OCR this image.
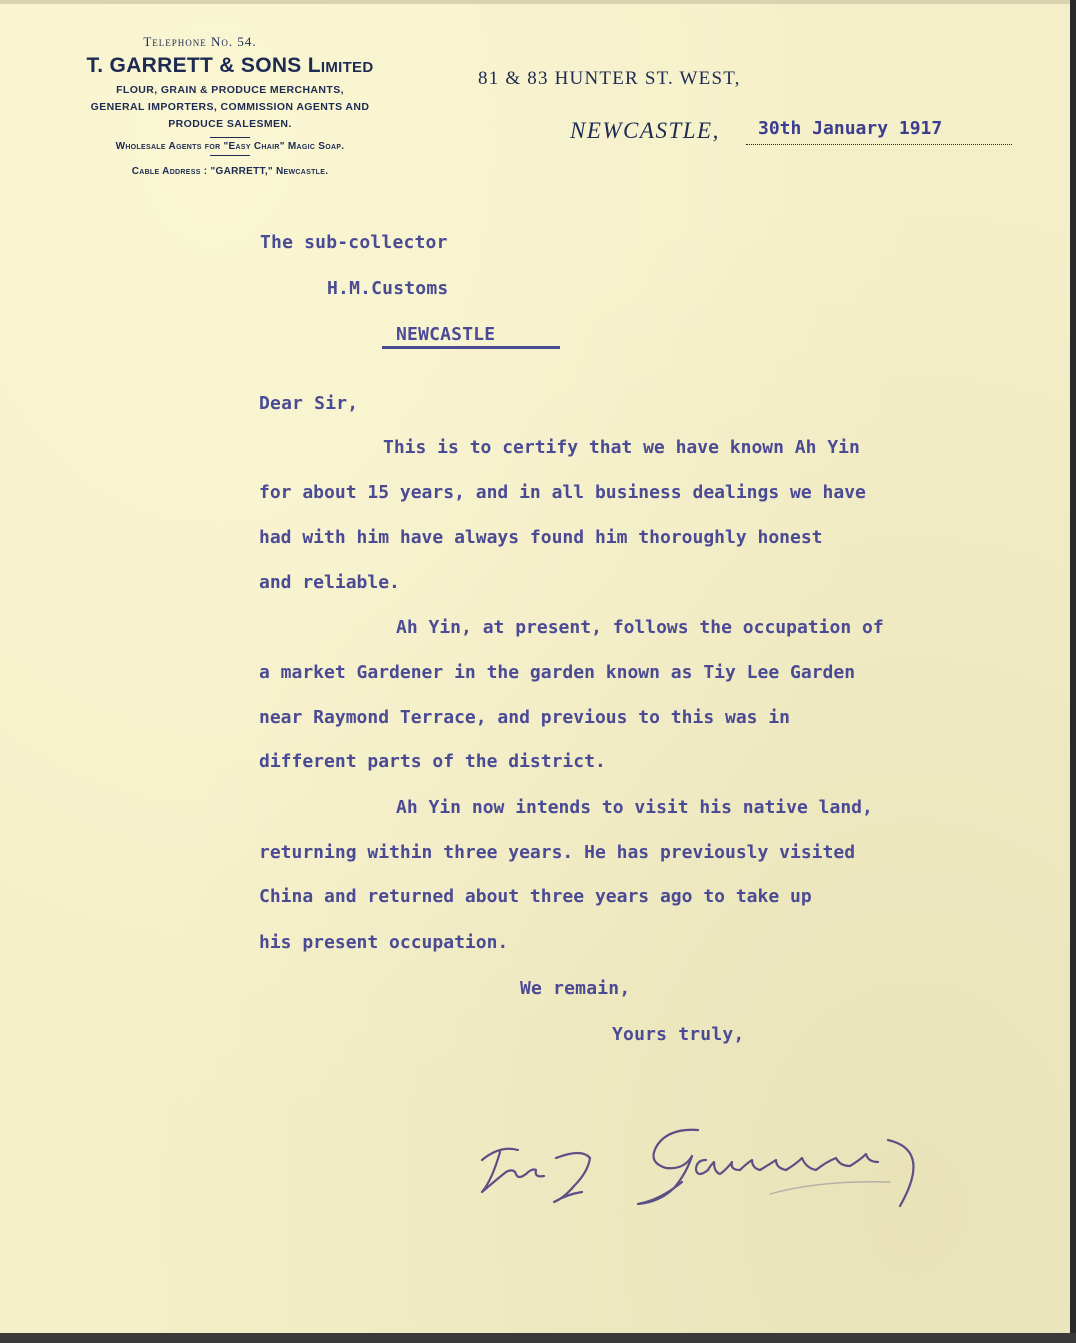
Telephone No. 54.
T. GARRETT & SONS Limited
FLOUR, GRAIN & PRODUCE MERCHANTS,
GENERAL IMPORTERS, COMMISSION AGENTS AND
PRODUCE SALESMEN.
Wholesale Agents for "Easy Chair" Magic Soap.
Cable Address : "GARRETT," Newcastle.
81 & 83 HUNTER ST. WEST,
NEWCASTLE, 30th January 1917
The sub-collector
H.M.Customs
NEWCASTLE
Dear Sir,
This is to certify that we have known Ah Yin
for about 15 years, and in all business dealings we have
had with him have always found him thoroughly honest
and reliable.
Ah Yin, at present, follows the occupation of
a market Gardener in the garden known as Tiy Lee Garden
near Raymond Terrace, and previous to this was in
different parts of the district.
Ah Yin now intends to visit his native land,
returning within three years. He has previously visited
China and returned about three years ago to take up
his present occupation.
We remain,
Yours truly,
